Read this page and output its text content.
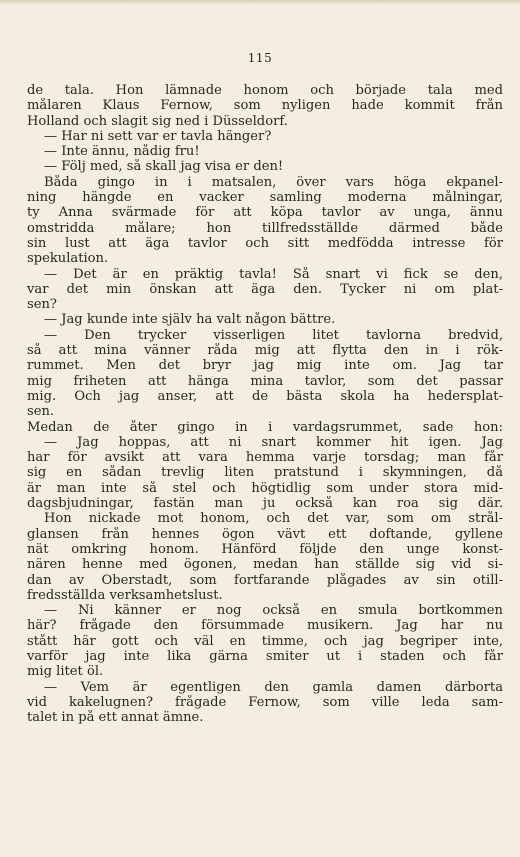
115
de tala. Hon lämnade honom och började tala med
målaren Klaus Fernow, som nyligen hade kommit från
Holland och slagit sig ned i Düsseldorf.
— Har ni sett var er tavla hänger?
— Inte ännu, nådig fru!
— Följ med, så skall jag visa er den!
Båda gingo in i matsalen, över vars höga ekpanel-
ning hängde en vacker samling moderna målningar,
ty Anna svärmade för att köpa tavlor av unga, ännu
omstridda målare; hon tillfredsställde därmed både
sin lust att äga tavlor och sitt medfödda intresse för
spekulation.
— Det är en präktig tavla! Så snart vi fick se den,
var det min önskan att äga den. Tycker ni om plat-
sen?
— Jag kunde inte själv ha valt någon bättre.
— Den trycker visserligen litet tavlorna bredvid,
så att mina vänner råda mig att flytta den in i rök-
rummet. Men det bryr jag mig inte om. Jag tar
mig friheten att hänga mina tavlor, som det passar
mig. Och jag anser, att de bästa skola ha hedersplat-
sen.
Medan de åter gingo in i vardagsrummet, sade hon:
— Jag hoppas, att ni snart kommer hit igen. Jag
har för avsikt att vara hemma varje torsdag; man får
sig en sådan trevlig liten pratstund i skymningen, då
är man inte så stel och högtidlig som under stora mid-
dagsbjudningar, fastän man ju också kan roa sig där.
Hon nickade mot honom, och det var, som om strål-
glansen från hennes ögon vävt ett doftande, gyllene
nät omkring honom. Hänförd följde den unge konst-
nären henne med ögonen, medan han ställde sig vid si-
dan av Oberstadt, som fortfarande plågades av sin otill-
fredsställda verksamhetslust.
— Ni känner er nog också en smula bortkommen
här? frågade den försummade musikern. Jag har nu
stått här gott och väl en timme, och jag begriper inte,
varför jag inte lika gärna smiter ut i staden och får
mig litet öl.
— Vem är egentligen den gamla damen därborta
vid kakelugnen? frågade Fernow, som ville leda sam-
talet in på ett annat ämne.
